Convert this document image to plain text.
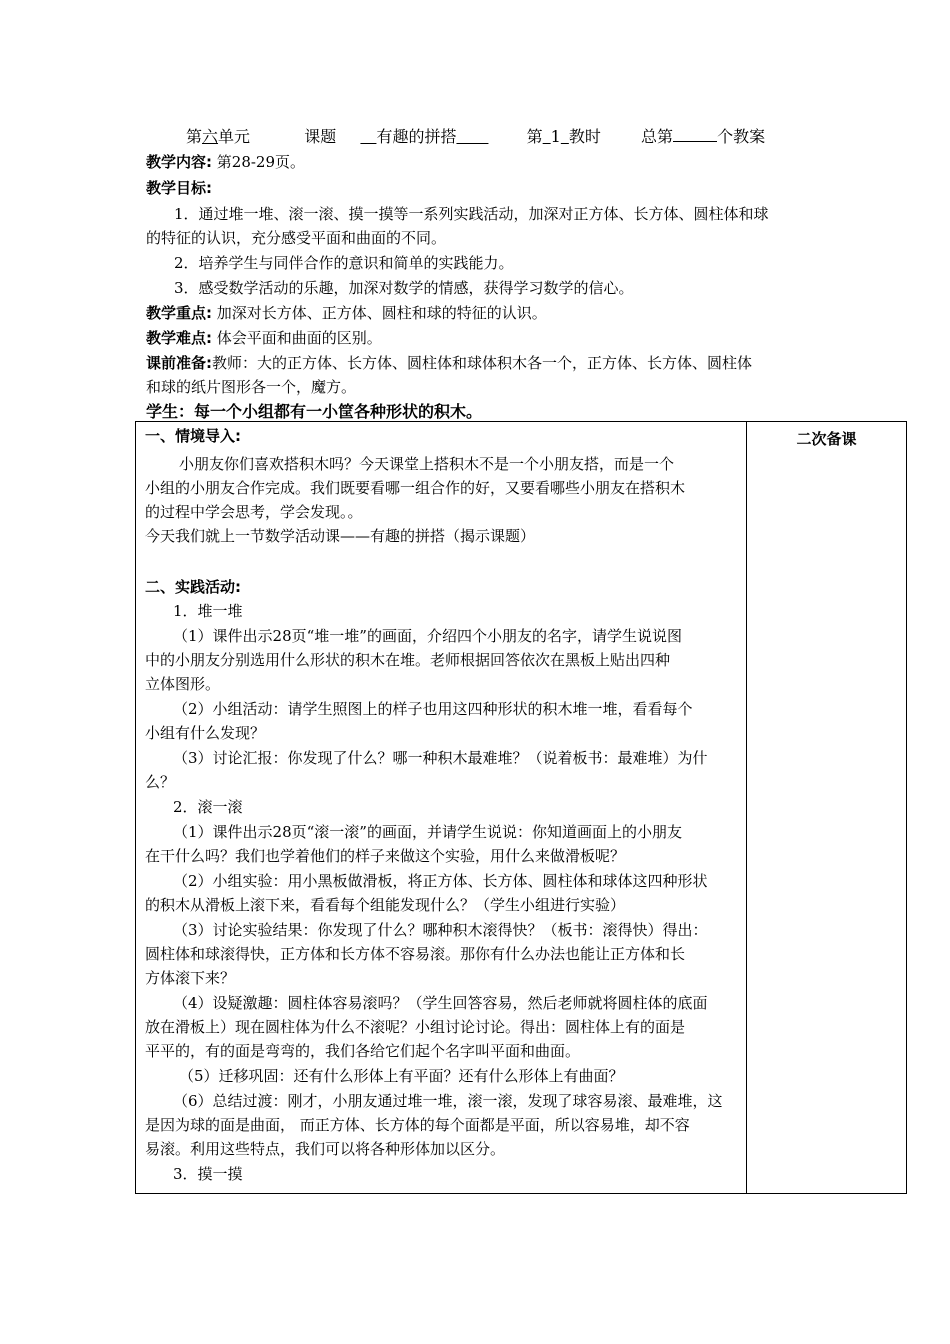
第六单元	课题   	有趣的拼搭  	第  1  教时	总第	个教案
教学内容: 第28-29页。
教学目标:
1．通过堆一堆、滚一滚、摸一摸等一系列实践活动，加深对正方体、长方体、圆柱体和球
的特征的认识，充分感受平面和曲面的不同。
2．培养学生与同伴合作的意识和简单的实践能力。
3．感受数学活动的乐趣，加深对数学的情感，获得学习数学的信心。
教学重点: 加深对长方体、正方体、圆柱和球的特征的认识。
教学难点: 体会平面和曲面的区别。
课前准备:教师：大的正方体、长方体、圆柱体和球体积木各一个，正方体、长方体、圆柱体
和球的纸片图形各一个，魔方。
学生：每一个小组都有一小筐各种形状的积木。
一、情境导入:
小朋友你们喜欢搭积木吗？今天课堂上搭积木不是一个小朋友搭，而是一个
小组的小朋友合作完成。我们既要看哪一组合作的好，又要看哪些小朋友在搭积木
的过程中学会思考，学会发现。。
今天我们就上一节数学活动课——有趣的拼搭（揭示课题）
二、实践活动:
1．堆一堆
（1）课件出示28页“堆一堆”的画面，介绍四个小朋友的名字，请学生说说图
中的小朋友分别选用什么形状的积木在堆。老师根据回答依次在黑板上贴出四种
立体图形。
（2）小组活动：请学生照图上的样子也用这四种形状的积木堆一堆，看看每个
小组有什么发现？
（3）讨论汇报：你发现了什么？哪一种积木最难堆？（说着板书：最难堆）为什
么？
2．滚一滚
（1）课件出示28页“滚一滚”的画面，并请学生说说：你知道画面上的小朋友
在干什么吗？我们也学着他们的样子来做这个实验，用什么来做滑板呢？
（2）小组实验：用小黑板做滑板，将正方体、长方体、圆柱体和球体这四种形状
的积木从滑板上滚下来，看看每个组能发现什么？（学生小组进行实验）
（3）讨论实验结果：你发现了什么？哪种积木滚得快？（板书：滚得快）得出：
圆柱体和球滚得快，正方体和长方体不容易滚。那你有什么办法也能让正方体和长
方体滚下来？
（4）设疑激趣：圆柱体容易滚吗？（学生回答容易，然后老师就将圆柱体的底面
放在滑板上）现在圆柱体为什么不滚呢？小组讨论讨论。得出：圆柱体上有的面是
平平的，有的面是弯弯的，我们各给它们起个名字叫平面和曲面。
（5）迁移巩固：还有什么形体上有平面？还有什么形体上有曲面？
（6）总结过渡：刚才，小朋友通过堆一堆，滚一滚，发现了球容易滚、最难堆，这
是因为球的面是曲面， 而正方体、长方体的每个面都是平面，所以容易堆，却不容
易滚。利用这些特点，我们可以将各种形体加以区分。
3．摸一摸

二次备课
